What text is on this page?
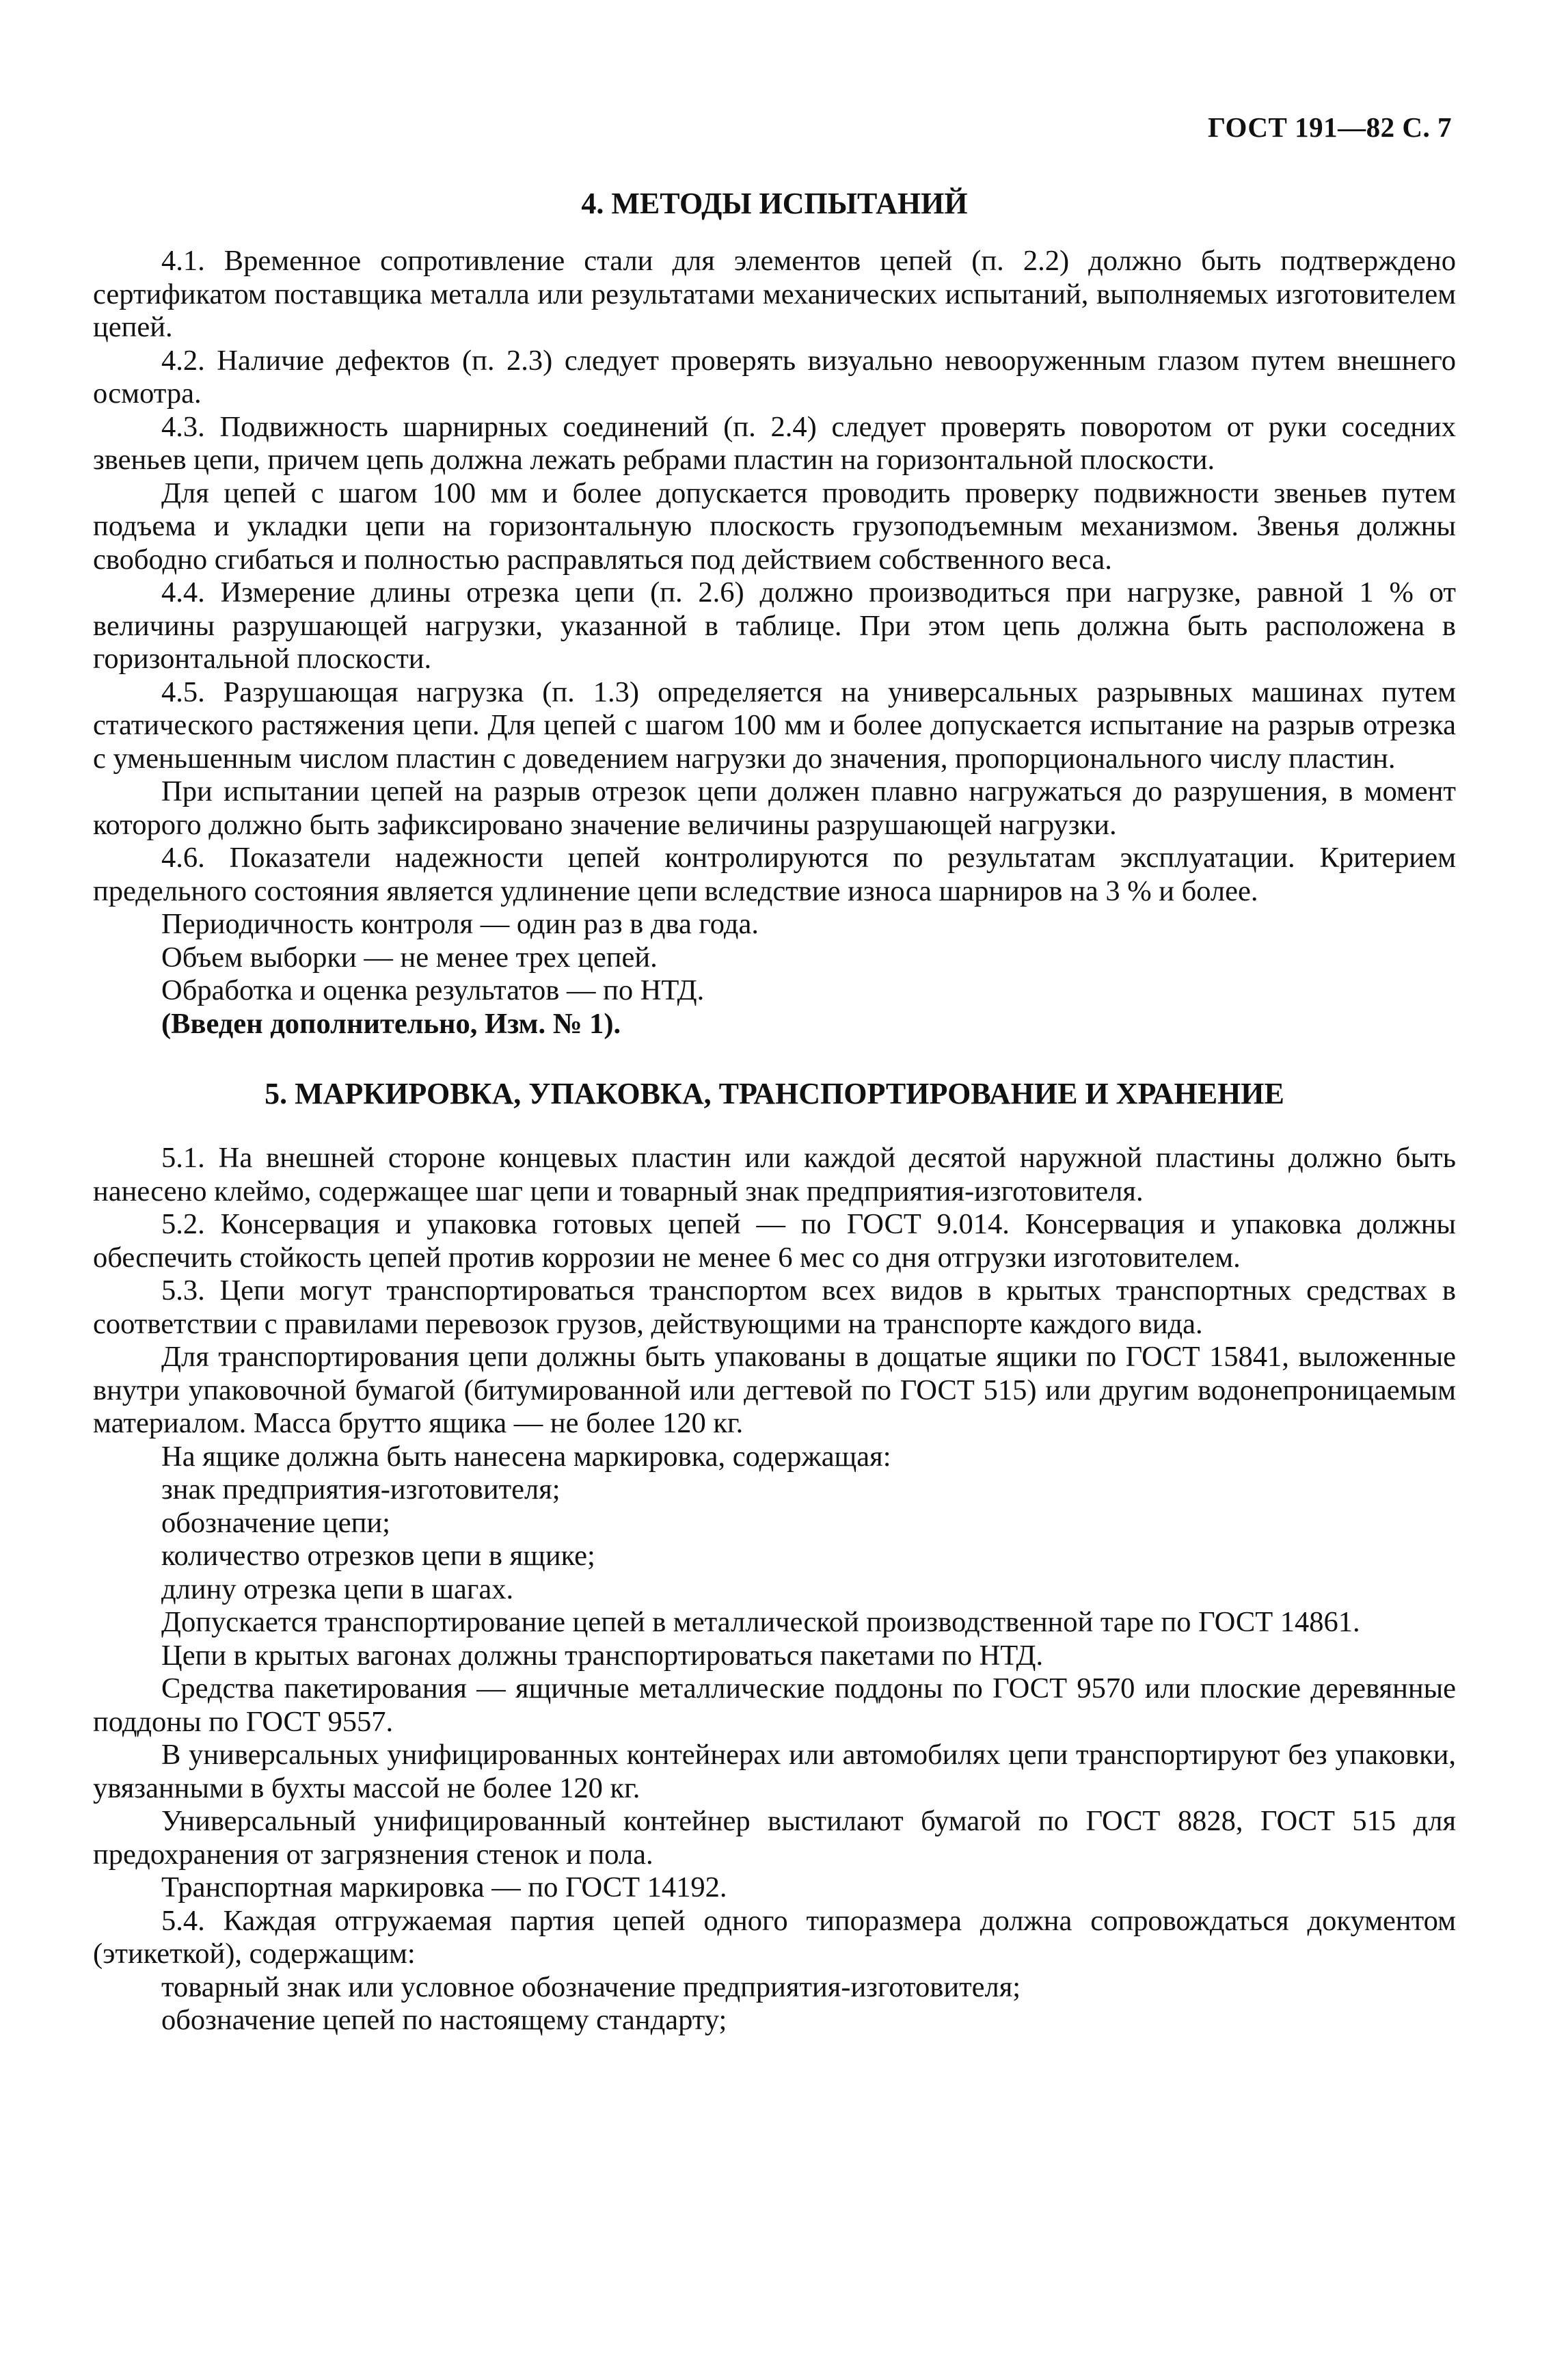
ГОСТ 191—82 С. 7
4. МЕТОДЫ ИСПЫТАНИЙ

4.1. Временное сопротивление стали для элементов цепей (п. 2.2) должно быть подтверждено сертификатом поставщика металла или результатами механических испытаний, выполняемых изготовителем цепей.

4.2. Наличие дефектов (п. 2.3) следует проверять визуально невооруженным глазом путем внешнего осмотра.

4.3. Подвижность шарнирных соединений (п. 2.4) следует проверять поворотом от руки соседних звеньев цепи, причем цепь должна лежать ребрами пластин на горизонтальной плоскости.

Для цепей с шагом 100 мм и более допускается проводить проверку подвижности звеньев путем подъема и укладки цепи на горизонтальную плоскость грузоподъемным механизмом. Звенья должны свободно сгибаться и полностью расправляться под действием собственного веса.

4.4. Измерение длины отрезка цепи (п. 2.6) должно производиться при нагрузке, равной 1 % от величины разрушающей нагрузки, указанной в таблице. При этом цепь должна быть расположена в горизонтальной плоскости.

4.5. Разрушающая нагрузка (п. 1.3) определяется на универсальных разрывных машинах путем статического растяжения цепи. Для цепей с шагом 100 мм и более допускается испытание на разрыв отрезка с уменьшенным числом пластин с доведением нагрузки до значения, пропорционального числу пластин.

При испытании цепей на разрыв отрезок цепи должен плавно нагружаться до разрушения, в момент которого должно быть зафиксировано значение величины разрушающей нагрузки.

4.6. Показатели надежности цепей контролируются по результатам эксплуатации. Критерием предельного состояния является удлинение цепи вследствие износа шарниров на 3 % и более.

Периодичность контроля — один раз в два года.

Объем выборки — не менее трех цепей.

Обработка и оценка результатов — по НТД.

(Введен дополнительно, Изм. № 1).

5. МАРКИРОВКА, УПАКОВКА, ТРАНСПОРТИРОВАНИЕ И ХРАНЕНИЕ

5.1. На внешней стороне концевых пластин или каждой десятой наружной пластины должно быть нанесено клеймо, содержащее шаг цепи и товарный знак предприятия-изготовителя.

5.2. Консервация и упаковка готовых цепей — по ГОСТ 9.014. Консервация и упаковка должны обеспечить стойкость цепей против коррозии не менее 6 мес со дня отгрузки изготовителем.

5.3. Цепи могут транспортироваться транспортом всех видов в крытых транспортных средствах в соответствии с правилами перевозок грузов, действующими на транспорте каждого вида.

Для транспортирования цепи должны быть упакованы в дощатые ящики по ГОСТ 15841, выложенные внутри упаковочной бумагой (битумированной или дегтевой по ГОСТ 515) или другим водонепроницаемым материалом. Масса брутто ящика — не более 120 кг.

На ящике должна быть нанесена маркировка, содержащая:

знак предприятия-изготовителя;

обозначение цепи;

количество отрезков цепи в ящике;

длину отрезка цепи в шагах.

Допускается транспортирование цепей в металлической производственной таре по ГОСТ 14861.

Цепи в крытых вагонах должны транспортироваться пакетами по НТД.

Средства пакетирования — ящичные металлические поддоны по ГОСТ 9570 или плоские деревянные поддоны по ГОСТ 9557.

В универсальных унифицированных контейнерах или автомобилях цепи транспортируют без упаковки, увязанными в бухты массой не более 120 кг.

Универсальный унифицированный контейнер выстилают бумагой по ГОСТ 8828, ГОСТ 515 для предохранения от загрязнения стенок и пола.

Транспортная маркировка — по ГОСТ 14192.

5.4. Каждая отгружаемая партия цепей одного типоразмера должна сопровождаться документом (этикеткой), содержащим:

товарный знак или условное обозначение предприятия-изготовителя;

обозначение цепей по настоящему стандарту;
